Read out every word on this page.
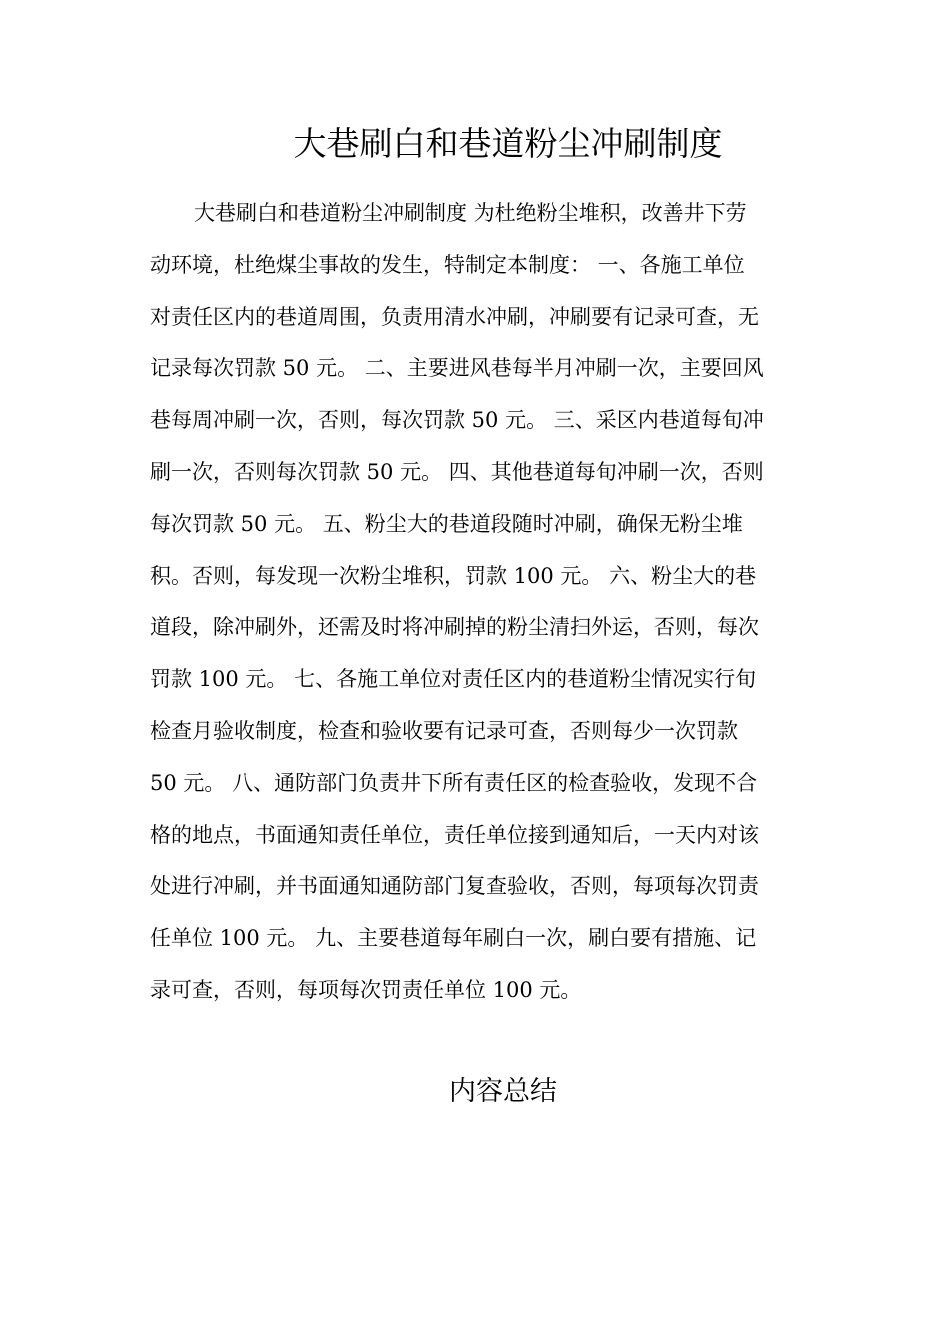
大巷刷白和巷道粉尘冲刷制度
大巷刷白和巷道粉尘冲刷制度 为杜绝粉尘堆积，改善井下劳
动环境，杜绝煤尘事故的发生，特制定本制度： 一、各施工单位
对责任区内的巷道周围，负责用清水冲刷，冲刷要有记录可查，无
记录每次罚款 50 元。 二、主要进风巷每半月冲刷一次，主要回风
巷每周冲刷一次，否则，每次罚款 50 元。 三、采区内巷道每旬冲
刷一次，否则每次罚款 50 元。 四、其他巷道每旬冲刷一次，否则
每次罚款 50 元。 五、粉尘大的巷道段随时冲刷，确保无粉尘堆
积。否则，每发现一次粉尘堆积，罚款 100 元。 六、粉尘大的巷
道段，除冲刷外，还需及时将冲刷掉的粉尘清扫外运，否则，每次
罚款 100 元。 七、各施工单位对责任区内的巷道粉尘情况实行旬
检查月验收制度，检查和验收要有记录可查，否则每少一次罚款
50 元。 八、通防部门负责井下所有责任区的检查验收，发现不合
格的地点，书面通知责任单位，责任单位接到通知后，一天内对该
处进行冲刷，并书面通知通防部门复查验收，否则，每项每次罚责
任单位 100 元。 九、主要巷道每年刷白一次，刷白要有措施、记
录可查，否则，每项每次罚责任单位 100 元。
内容总结
